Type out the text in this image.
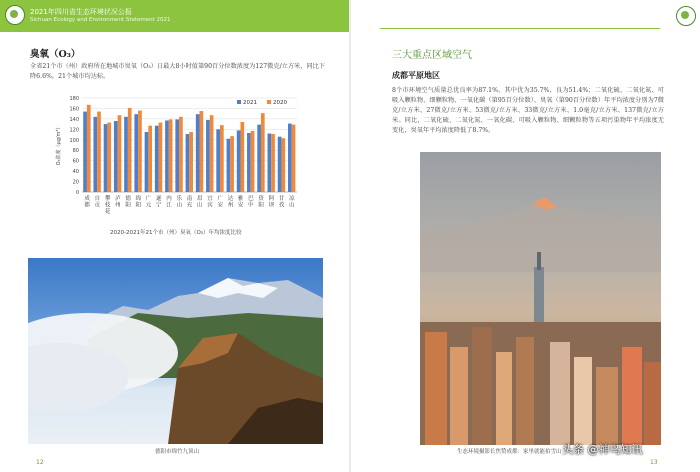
2021年四川省生态环境状况公报
Sichuan Ecology and Environment Statement 2021
臭氧（O₃）
全省21个市（州）政府所在地城市臭氧（O₃）日最大8小时值第90百分位数浓度为127微克/立方米，同比下降6.6%。21个城市均达标。
0
20
40
60
80
100
120
140
160
180
O₃浓度（μg/m³）
成
都
自
贡
攀
枝
花
泸
州
德
阳
绵
阳
广
元
遂
宁
内
江
乐
山
南
充
眉
山
宜
宾
广
安
达
州
雅
安
巴
中
资
阳
阿
坝
甘
孜
凉
山
2021	2020
2020-2021年21个市（州）臭氧（O₃）年均浓度比较
德阳市绵竹九顶山
12
三大重点区域空气
成都平原地区
8个市环境空气质量总优良率为87.1%，其中优为35.7%，良为51.4%；二氧化硫、二氧化氮、可吸入颗粒物、细颗粒物、一氧化碳（第95百分位数）、臭氧（第90百分位数）年平均浓度分别为7微克/立方米、27微克/立方米、53微克/立方米、33微克/立方米、1.0毫克/立方米、137微克/立方米。同比，二氧化硫、二氧化氮、一氧化碳、可吸入颗粒物、细颗粒物等五项污染物年平均浓度无变化，臭氧年平均浓度降低了8.7%。
生态环境摄影长焦赞成都：家里就能拍雪山
13
头条 @神鸟知讯
